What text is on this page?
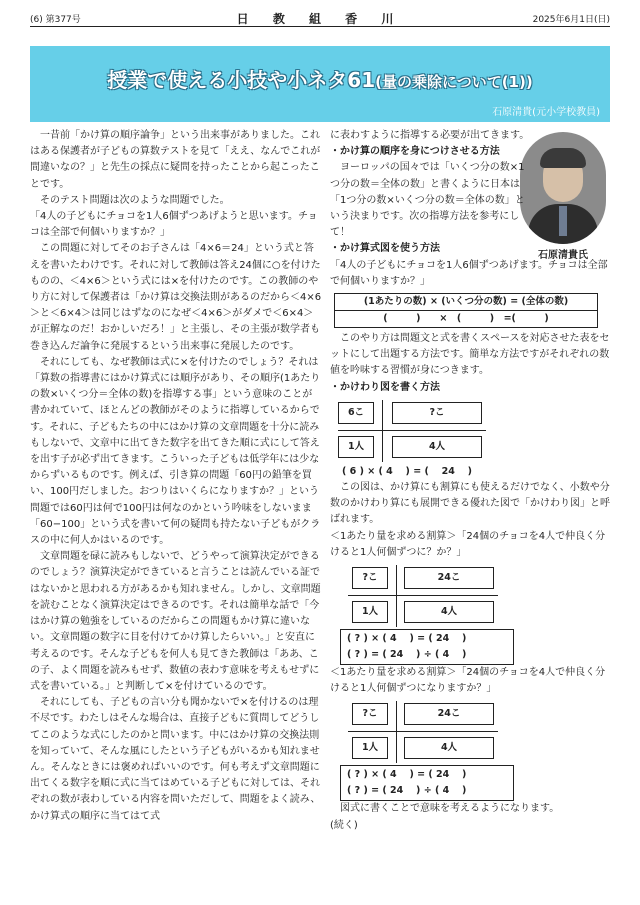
(6) 第377号	日 教 組 香 川	2025年6月1日(日)
授業で使える小技や小ネタ61(量の乗除について(1))
石原清貴(元小学校教員)

一昔前「かけ算の順序論争」という出来事がありました。これはある保護者が子どもの算数テストを見て「ええ、なんでこれが間違いなの？」と先生の採点に疑問を持ったことから起こったことです。

そのテスト問題は次のような問題でした。

「4人の子どもにチョコを1人6個ずつあげようと思います。チョコは全部で何個いりますか？」

この問題に対してそのお子さんは「4×6＝24」という式と答えを書いたわけです。それに対して教師は答え24個に○を付けたものの、＜4×6＞という式には×を付けたのです。この教師のやり方に対して保護者は「かけ算は交換法則があるのだから＜4×6＞と＜6×4＞は同じはずなのになぜ＜4×6＞がダメで＜6×4＞が正解なのだ！おかしいだろ！」と主張し、その主張が数学者も巻き込んだ論争に発展するという出来事に発展したのです。

それにしても、なぜ教師は式に×を付けたのでしょう？それは「算数の指導書にはかけ算式には順序があり、その順序(1あたりの数×いくつ分＝全体の数)を指導する事」という意味のことが書かれていて、ほとんどの教師がそのように指導しているからです。それに、子どもたちの中にはかけ算の文章問題を十分に読みもしないで、文章中に出てきた数字を出てきた順に式にして答えを出す子が必ず出てきます。こういった子どもは低学年には少なからずいるものです。例えば、引き算の問題「60円の鉛筆を買い、100円だしました。おつりはいくらになりますか？」という問題では60円は何で100円は何なのかという吟味をしないまま「60−100」という式を書いて何の疑問も持たない子どもがクラスの中に何人かはいるのです。

文章問題を碌に読みもしないで、どうやって演算決定ができるのでしょう？演算決定ができていると言うことは読んでいる証ではないかと思われる方があるかも知れません。しかし、文章問題を読むことなく演算決定はできるのです。それは簡単な話で「今はかけ算の勉強をしているのだからこの問題もかけ算に違いない。文章問題の数字に目を付けてかけ算したらいい。」と安直に考えるのです。そんな子どもを何人も見てきた教師は「ああ、この子、よく問題を読みもせず、数値の表わす意味を考えもせずに式を書いている。」と判断して×を付けているのです。

それにしても、子どもの言い分も聞かないで×を付けるのは理不尽です。わたしはそんな場合は、直接子どもに質問してどうしてこのような式にしたのかと問います。中にはかけ算の交換法則を知っていて、そんな風にしたという子どもがいるかも知れません。そんなときには褒めればいいのです。何も考えず文章問題に出てくる数字を順に式に当てはめている子どもに対しては、それぞれの数が表わしている内容を問いただして、問題をよく読み、かけ算式の順序に当てはて式

石原清貴氏

に表わすように指導する必要が出てきます。

・かけ算の順序を身につけさせる方法

ヨーロッパの国々では「いくつ分の数×1つ分の数＝全体の数」と書くように日本は「1つ分の数×いくつ分の数＝全体の数」という決まりです。次の指導方法を参考にして！

・かけ算式図を使う方法

「4人の子どもにチョコを1人6個ずつあげます。チョコは全部で何個いりますか？」

(1あたりの数) × (いくつ分の数) = (全体の数)
(　　　)　　×　(　　　)　=(　　　)

このやり方は問題文と式を書くスペースを対応させた表をセットにして出題する方法です。簡単な方法ですがそれぞれの数値を吟味する習慣が身につきます。

・かけわり図を書く方法

6こ	?こ
1人	4人
( 6 ) × ( 4 　) = ( 　24　 )

この図は、かけ算にも割算にも使えるだけでなく、小数や分数のかけわり算にも展開できる優れた図で「かけわり図」と呼ばれます。

＜1あたり量を求める割算＞「24個のチョコを4人で仲良く分けると1人何個ずつに？か？」

?こ	24こ
1人	4人
( ? ) × ( 4 　) = ( 24 　)
( ? ) = ( 24 　) ÷ ( 4 　)

＜1あたり量を求める割算＞「24個のチョコを4人で仲良く分けると1人何個ずつになりますか？」

?こ	24こ
1人	4人
( ? ) × ( 4 　) = ( 24 　)
( ? ) = ( 24 　) ÷ ( 4 　)

図式に書くことで意味を考えるようになります。

(続く)
